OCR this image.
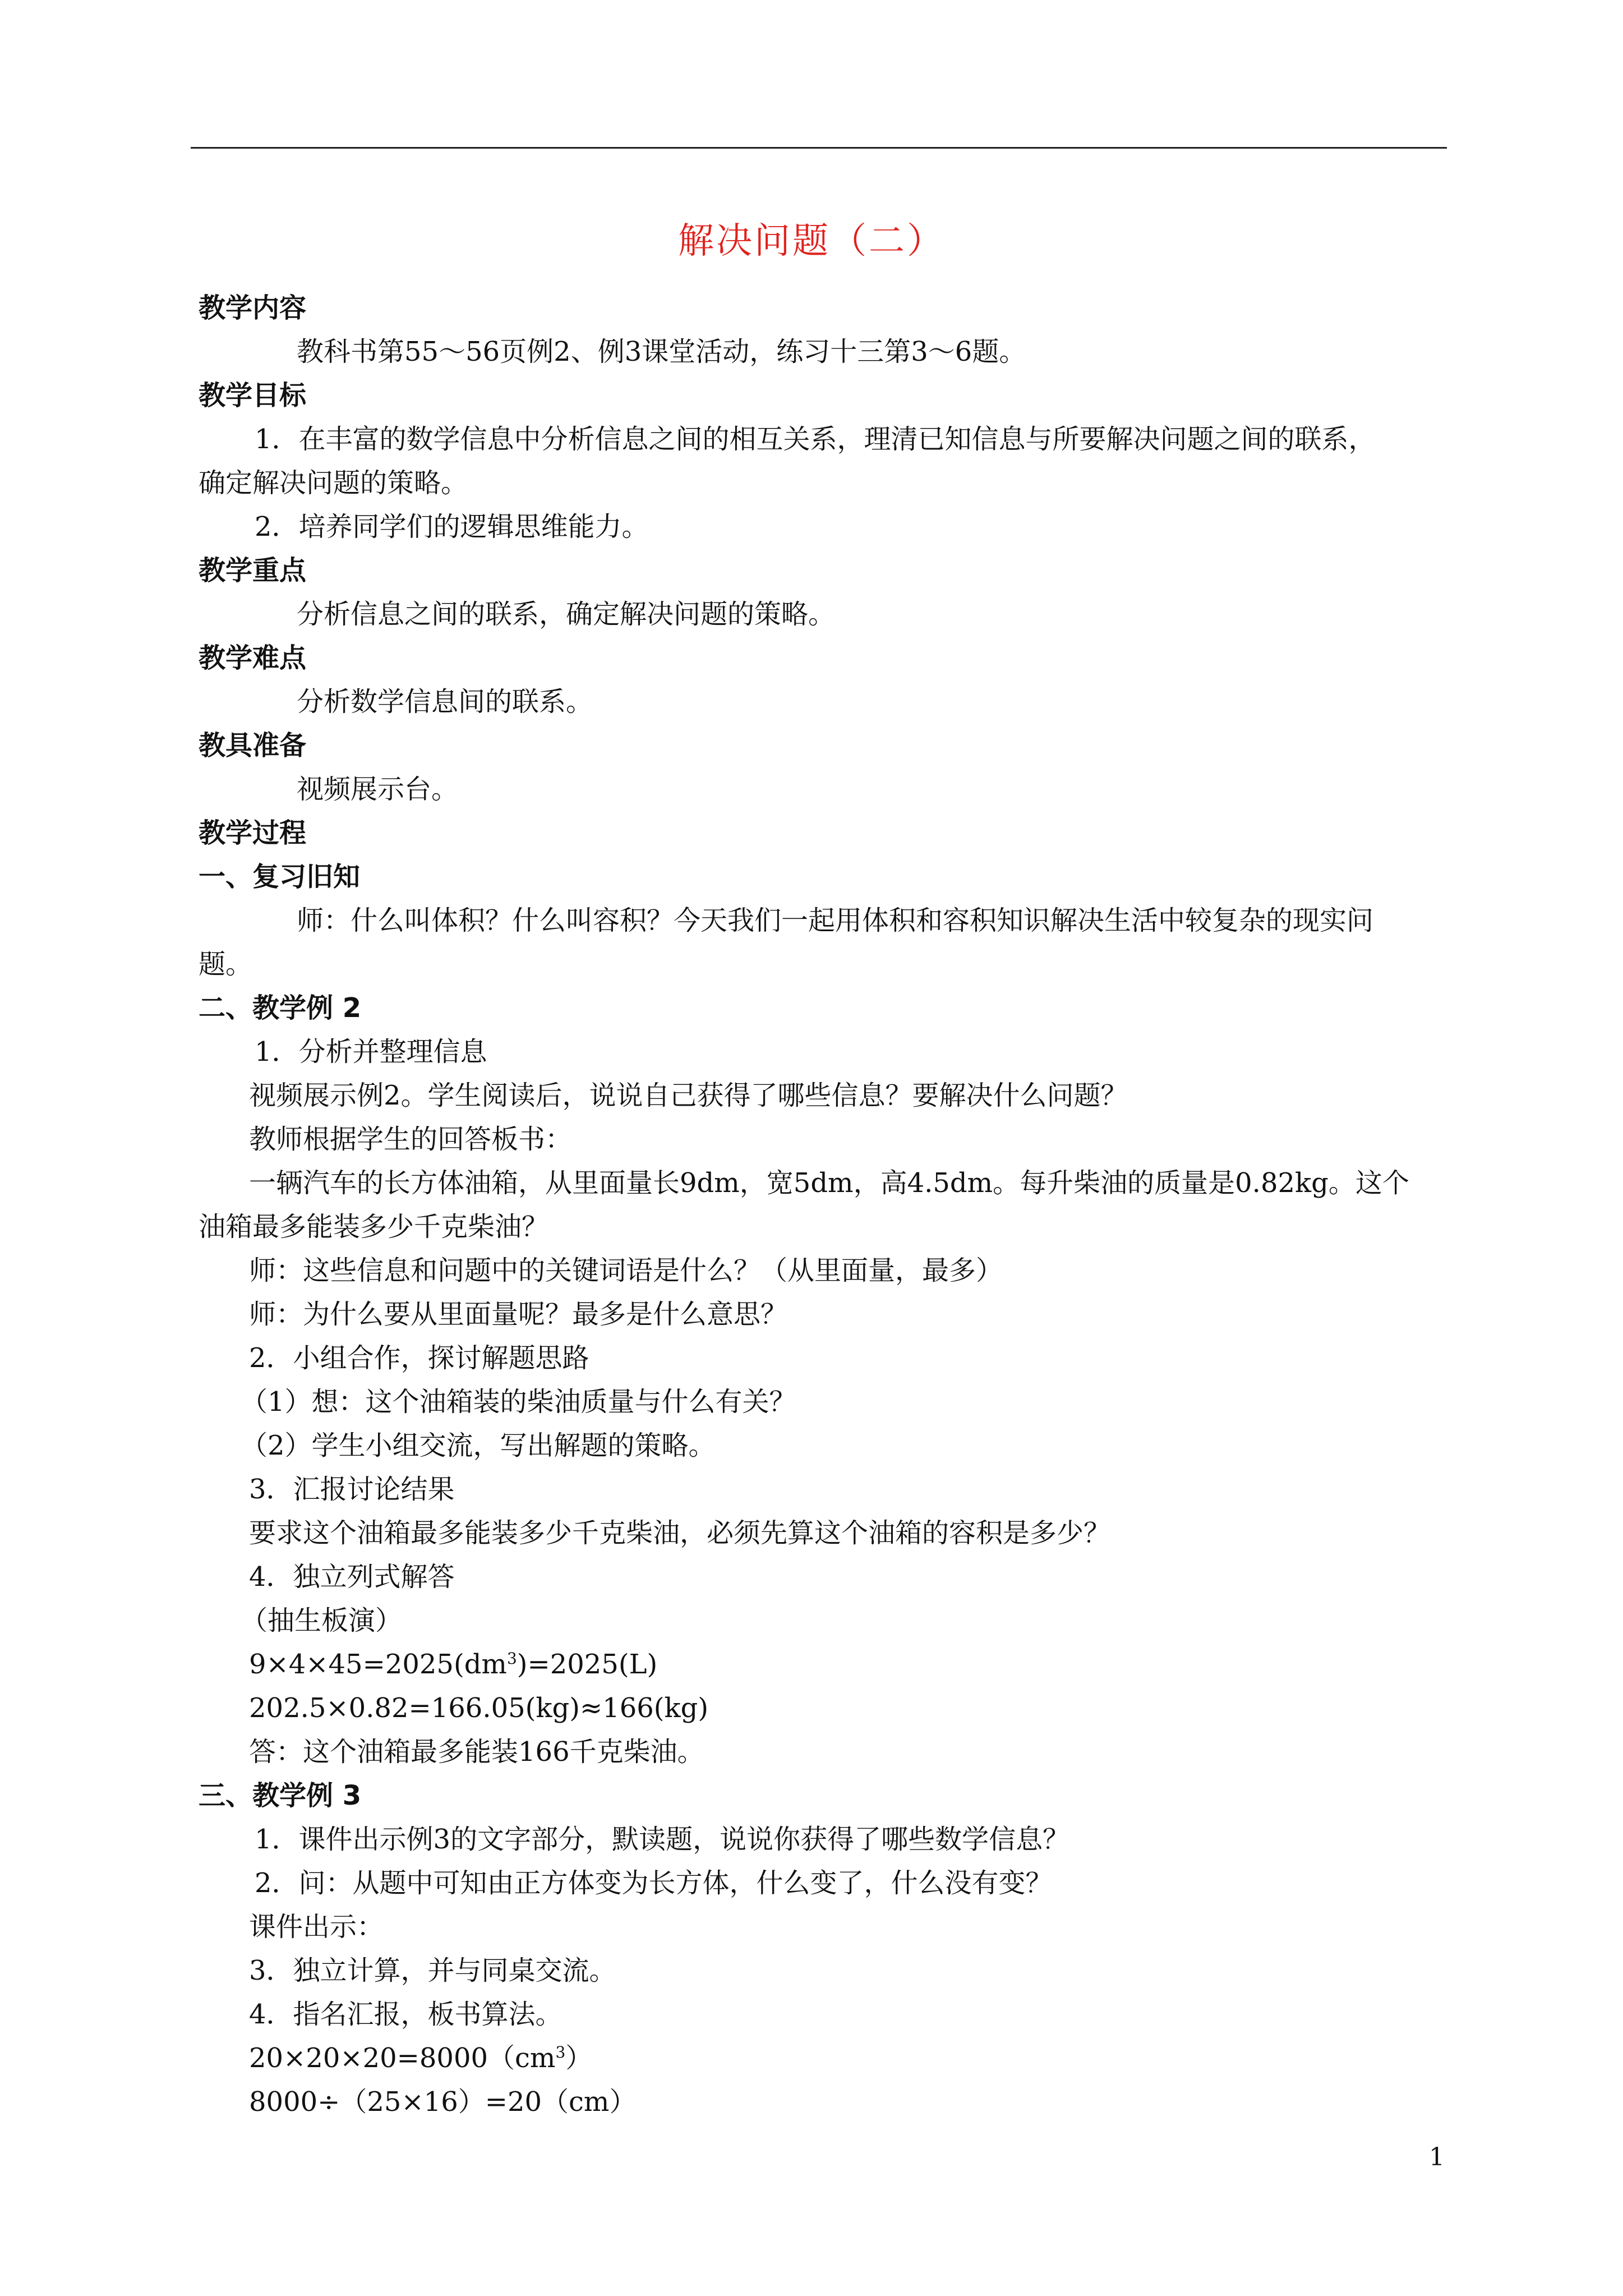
解决问题（二）
教学内容
教科书第55～56页例2、例3课堂活动，练习十三第3～6题。
教学目标
1．在丰富的数学信息中分析信息之间的相互关系，理清已知信息与所要解决问题之间的联系，
确定解决问题的策略。
2．培养同学们的逻辑思维能力。
教学重点
分析信息之间的联系，确定解决问题的策略。
教学难点
分析数学信息间的联系。
教具准备
视频展示台。
教学过程
一、复习旧知
师：什么叫体积？什么叫容积？今天我们一起用体积和容积知识解决生活中较复杂的现实问
题。
二、教学例 2
1．分析并整理信息
视频展示例2。学生阅读后，说说自己获得了哪些信息？要解决什么问题？
教师根据学生的回答板书：
一辆汽车的长方体油箱，从里面量长9dm，宽5dm，高4.5dm。每升柴油的质量是0.82kg。这个
油箱最多能装多少千克柴油？
师：这些信息和问题中的关键词语是什么？（从里面量，最多）
师：为什么要从里面量呢？最多是什么意思？
2．小组合作，探讨解题思路
（1）想：这个油箱装的柴油质量与什么有关？
（2）学生小组交流，写出解题的策略。
3．汇报讨论结果
要求这个油箱最多能装多少千克柴油，必须先算这个油箱的容积是多少？
4．独立列式解答
（抽生板演）
$9\times 4\times 45=2025(dm^3)=2025(L)$
202.5×0.82=166.05(kg)≈166(kg)
答：这个油箱最多能装166千克柴油。
三、教学例 3
1．课件出示例3的文字部分，默读题，说说你获得了哪些数学信息？
2．问：从题中可知由正方体变为长方体，什么变了，什么没有变？
课件出示：
3．独立计算，并与同桌交流。
4．指名汇报，板书算法。
$20\times 20\times 20=8000(cm^3)$
8000÷（25×16）=20（cm）
1
